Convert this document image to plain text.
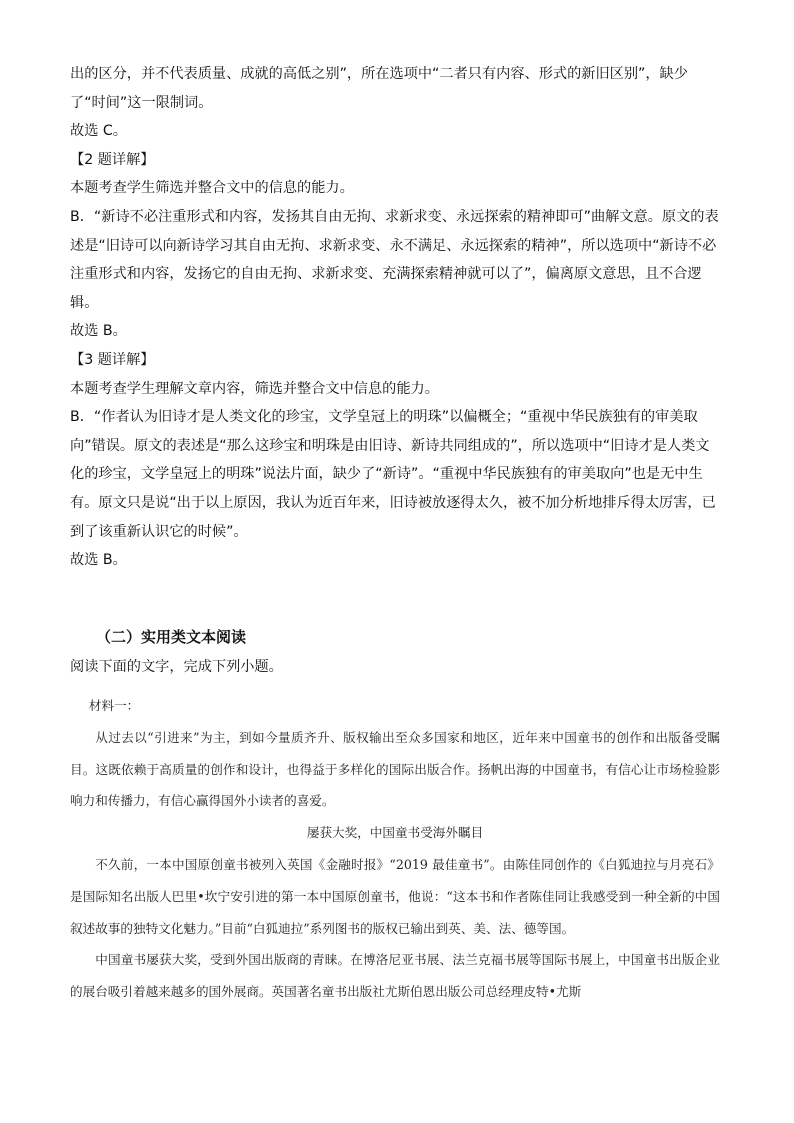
出的区分，并不代表质量、成就的高低之别”，所在选项中“二者只有内容、形式的新旧区别”，缺少了“时间”这一限制词。

故选 C。

【2 题详解】

本题考查学生筛选并整合文中的信息的能力。

B．“新诗不必注重形式和内容，发扬其自由无拘、求新求变、永远探索的精神即可”曲解文意。原文的表述是“旧诗可以向新诗学习其自由无拘、求新求变、永不满足、永远探索的精神”，所以选项中“新诗不必注重形式和内容，发扬它的自由无拘、求新求变、充满探索精神就可以了”，偏离原文意思，且不合逻辑。

故选 B。

【3 题详解】

本题考查学生理解文章内容，筛选并整合文中信息的能力。

B．“作者认为旧诗才是人类文化的珍宝，文学皇冠上的明珠”以偏概全；“重视中华民族独有的审美取向”错误。原文的表述是“那么这珍宝和明珠是由旧诗、新诗共同组成的”，所以选项中“旧诗才是人类文化的珍宝，文学皇冠上的明珠”说法片面，缺少了“新诗”。“重视中华民族独有的审美取向”也是无中生有。原文只是说“出于以上原因，我认为近百年来，旧诗被放逐得太久，被不加分析地排斥得太厉害，已到了该重新认识它的时候”。

故选 B。

（二）实用类文本阅读
阅读下面的文字，完成下列小题。

材料一：

从过去以“引进来”为主，到如今量质齐升、版权输出至众多国家和地区，近年来中国童书的创作和出版备受瞩目。这既依赖于高质量的创作和设计，也得益于多样化的国际出版合作。扬帆出海的中国童书，有信心让市场检验影响力和传播力，有信心赢得国外小读者的喜爱。

屡获大奖，中国童书受海外瞩目

不久前，一本中国原创童书被列入英国《金融时报》“2019 最佳童书”。由陈佳同创作的《白狐迪拉与月亮石》是国际知名出版人巴里•坎宁安引进的第一本中国原创童书，他说：“这本书和作者陈佳同让我感受到一种全新的中国叙述故事的独特文化魅力。”目前“白狐迪拉”系列图书的版权已输出到英、美、法、德等国。

中国童书屡获大奖，受到外国出版商的青睐。在博洛尼亚书展、法兰克福书展等国际书展上，中国童书出版企业的展台吸引着越来越多的国外展商。英国著名童书出版社尤斯伯恩出版公司总经理皮特•尤斯
